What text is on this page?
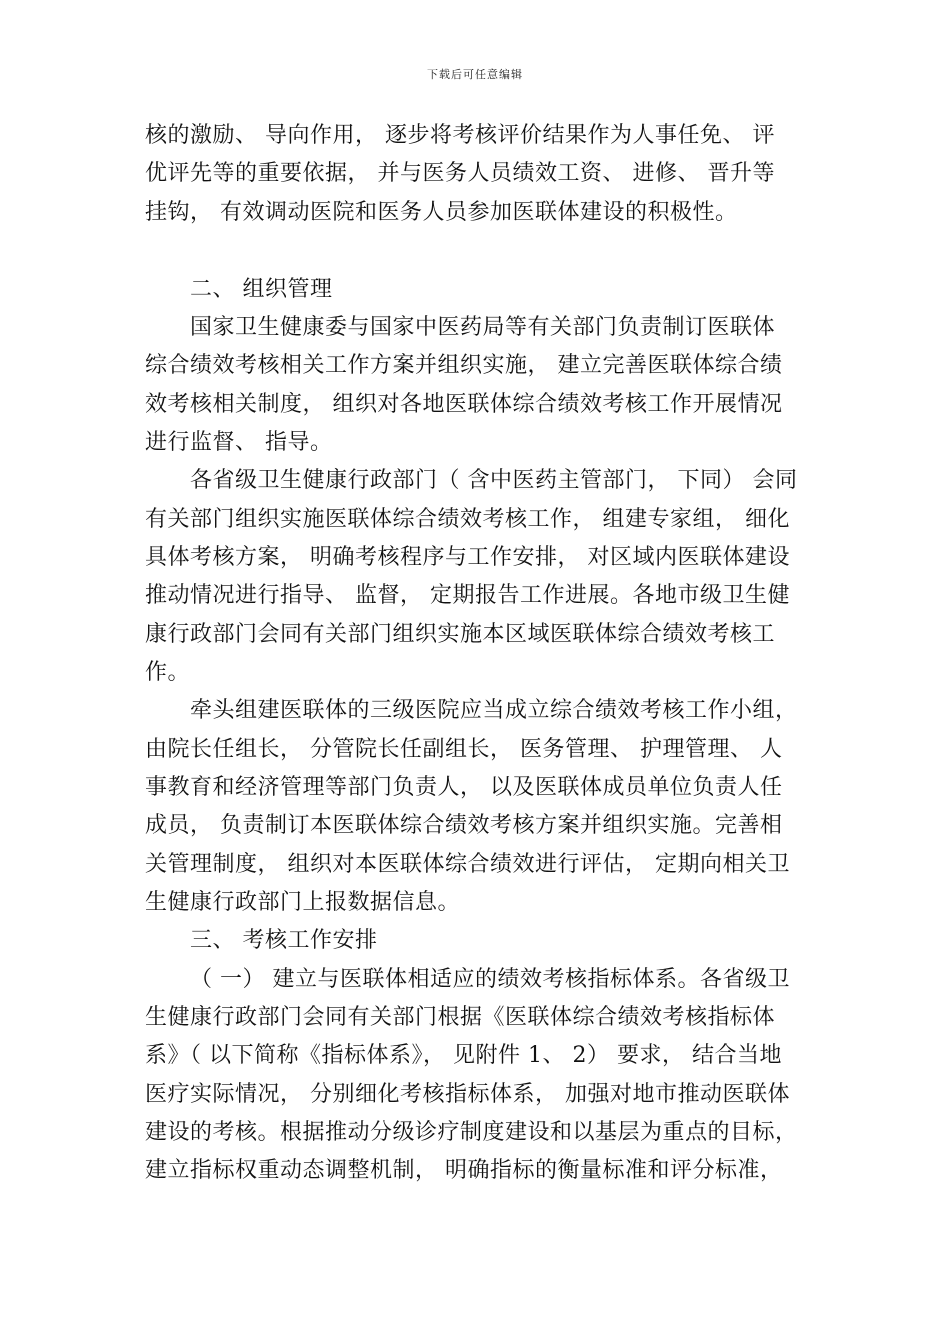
下载后可任意编辑
核的激励、 导向作用， 逐步将考核评价结果作为人事任免、 评
优评先等的重要依据， 并与医务人员绩效工资、 进修、 晋升等
挂钩， 有效调动医院和医务人员参加医联体建设的积极性。
二、 组织管理
国家卫生健康委与国家中医药局等有关部门负责制订医联体
综合绩效考核相关工作方案并组织实施， 建立完善医联体综合绩
效考核相关制度， 组织对各地医联体综合绩效考核工作开展情况
进行监督、 指导。
各省级卫生健康行政部门（ 含中医药主管部门， 下同） 会同
有关部门组织实施医联体综合绩效考核工作， 组建专家组， 细化
具体考核方案， 明确考核程序与工作安排， 对区域内医联体建设
推动情况进行指导、 监督， 定期报告工作进展。各地市级卫生健
康行政部门会同有关部门组织实施本区域医联体综合绩效考核工
作。
牵头组建医联体的三级医院应当成立综合绩效考核工作小组，
由院长任组长， 分管院长任副组长， 医务管理、 护理管理、 人
事教育和经济管理等部门负责人， 以及医联体成员单位负责人任
成员， 负责制订本医联体综合绩效考核方案并组织实施。完善相
关管理制度， 组织对本医联体综合绩效进行评估， 定期向相关卫
生健康行政部门上报数据信息。
三、 考核工作安排
（ 一） 建立与医联体相适应的绩效考核指标体系。各省级卫
生健康行政部门会同有关部门根据《医联体综合绩效考核指标体
系》（ 以下简称《指标体系》， 见附件 1、 2） 要求， 结合当地
医疗实际情况， 分别细化考核指标体系， 加强对地市推动医联体
建设的考核。根据推动分级诊疗制度建设和以基层为重点的目标，
建立指标权重动态调整机制， 明确指标的衡量标准和评分标准，
